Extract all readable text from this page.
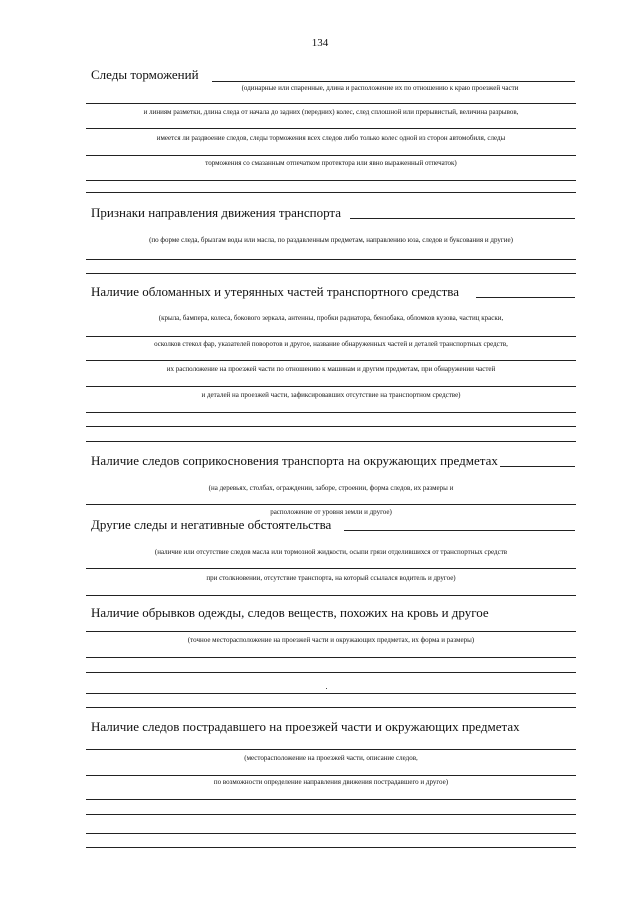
134
Следы торможений
(одинарные или спаренные, длина и расположение их по отношению к краю проезжей части
и линиям разметки, длина следа от начала до задних (передних) колес, след сплошной или прерывистый, величина разрывов,
имеется ли раздвоение следов, следы торможения всех следов либо только колес одной из сторон автомобиля, следы
торможения со смазанным отпечатком протектора или явно выраженный отпечаток)
Признаки направления движения транспорта
(по форме следа, брызгам воды или масла, по раздавленным предметам, направлению юза, следов и буксования и другие)
Наличие обломанных и утерянных частей транспортного средства
(крыла, бампера, колеса, бокового зеркала, антенны, пробки радиатора, бензобака, обломков кузова, частиц краски,
осколков стекол фар, указателей поворотов и другое, название обнаруженных частей и деталей транспортных средств,
их расположение на проезжей части по отношению к машинам и другим предметам, при обнаружении частей
и деталей на проезжей части, зафиксировавших отсутствие на транспортном средстве)
Наличие следов соприкосновения транспорта на окружающих предметах
(на деревьях, столбах, ограждении, заборе, строении, форма следов, их размеры и
расположение от уровня земли и другое)
Другие следы и негативные обстоятельства
(наличие или отсутствие следов масла или тормозной жидкости, осыпи грязи отделившихся от транспортных средств
при столкновении, отсутствие транспорта, на который ссылался водитель и другое)
Наличие обрывков одежды, следов веществ, похожих на кровь и другое
(точное месторасположение на проезжей части и окружающих предметах, их форма и размеры)
Наличие следов пострадавшего на проезжей части и окружающих предметах
(месторасположение на проезжей части, описание следов,
по возможности определение направления движения пострадавшего и другое)
